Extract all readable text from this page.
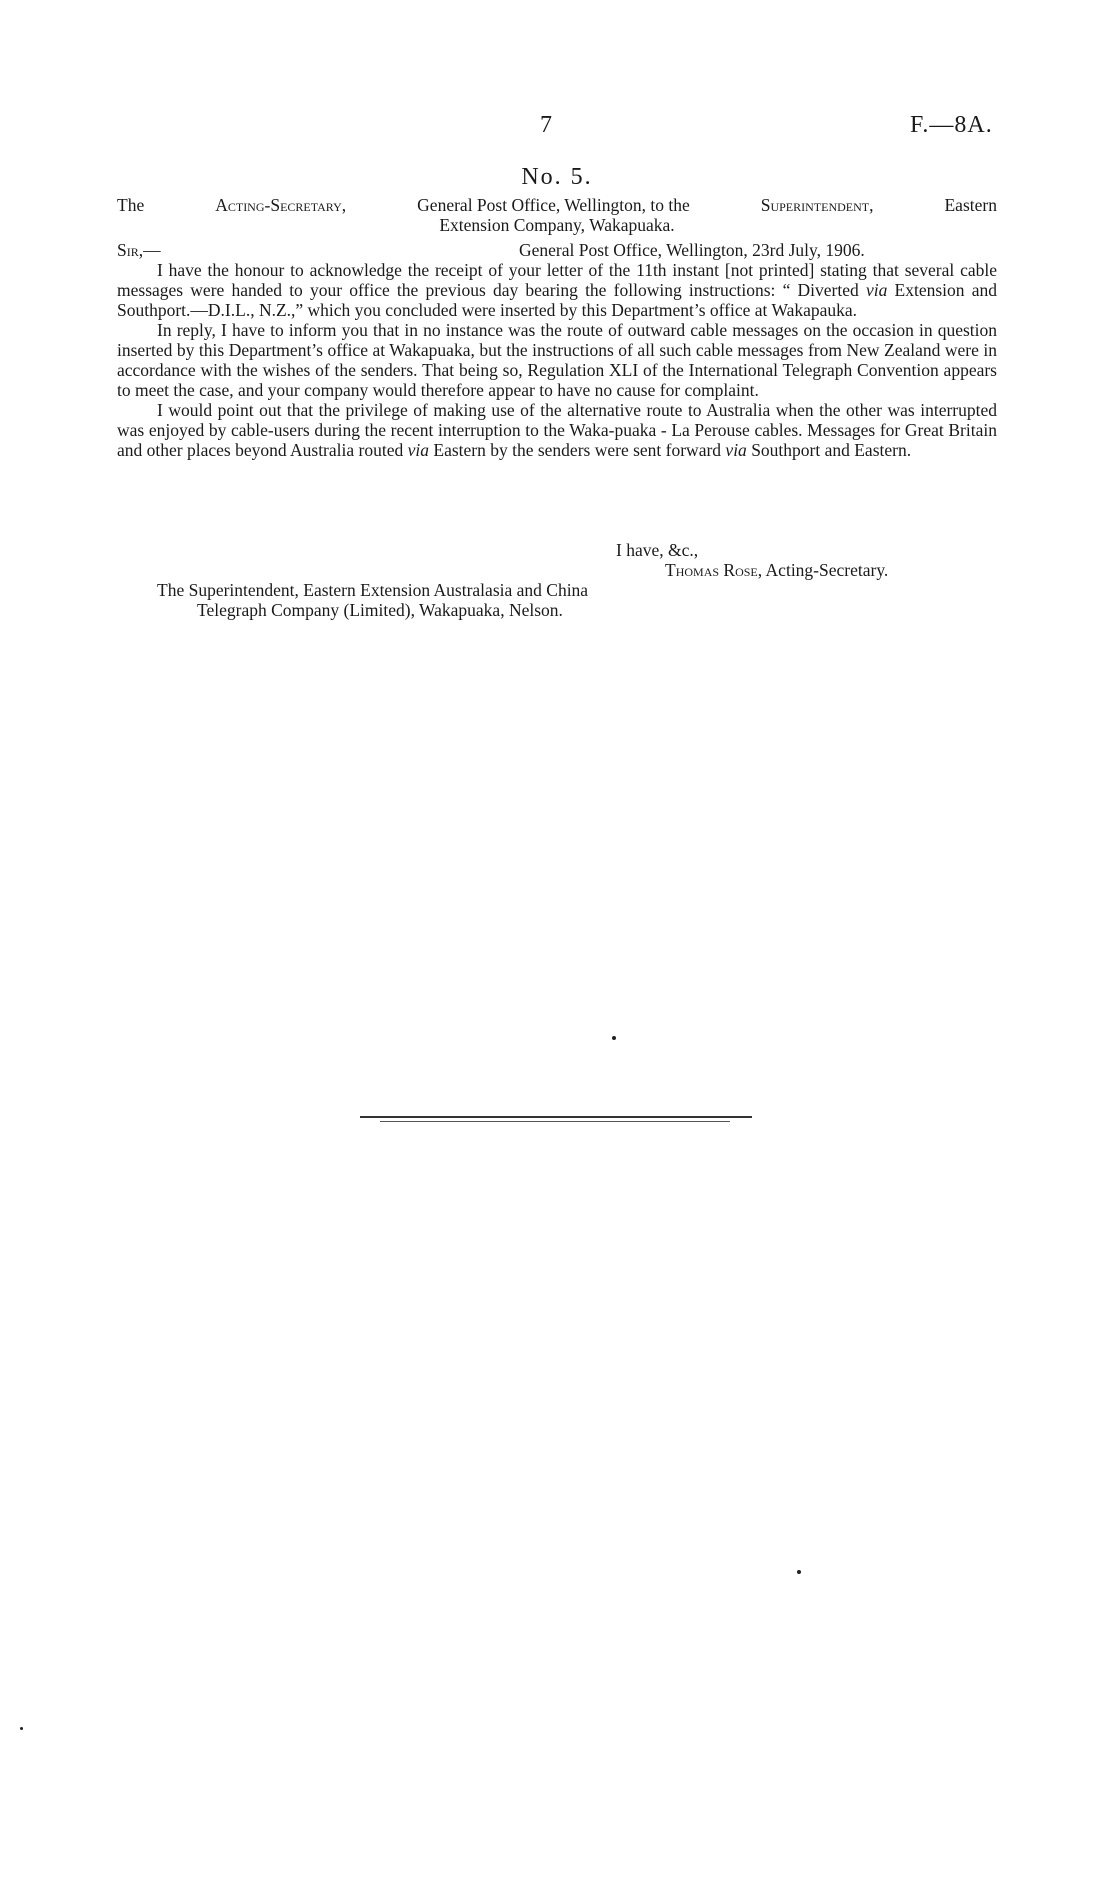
7	F.—8A.
No. 5.
The	Acting-Secretary,	General Post Office, Wellington, to the	Superintendent,	Eastern
Extension Company, Wakapuaka.
Sir,—	General Post Office, Wellington, 23rd July, 1906.

I have the honour to acknowledge the receipt of your letter of the 11th instant [not printed] stating that several cable messages were handed to your office the previous day bearing the following instructions: “ Diverted via Extension and Southport.—D.I.L., N.Z.,” which you concluded were inserted by this Department’s office at Wakapauka.

In reply, I have to inform you that in no instance was the route of outward cable messages on the occasion in question inserted by this Department’s office at Wakapuaka, but the instructions of all such cable messages from New Zealand were in accordance with the wishes of the senders. That being so, Regulation XLI of the International Telegraph Convention appears to meet the case, and your company would therefore appear to have no cause for complaint.

I would point out that the privilege of making use of the alternative route to Australia when the other was interrupted was enjoyed by cable-users during the recent interruption to the Waka-puaka - La Perouse cables. Messages for Great Britain and other places beyond Australia routed via Eastern by the senders were sent forward via Southport and Eastern.

I have, &c.,
Thomas Rose, Acting-Secretary.
The Superintendent, Eastern Extension Australasia and China
Telegraph Company (Limited), Wakapuaka, Nelson.
